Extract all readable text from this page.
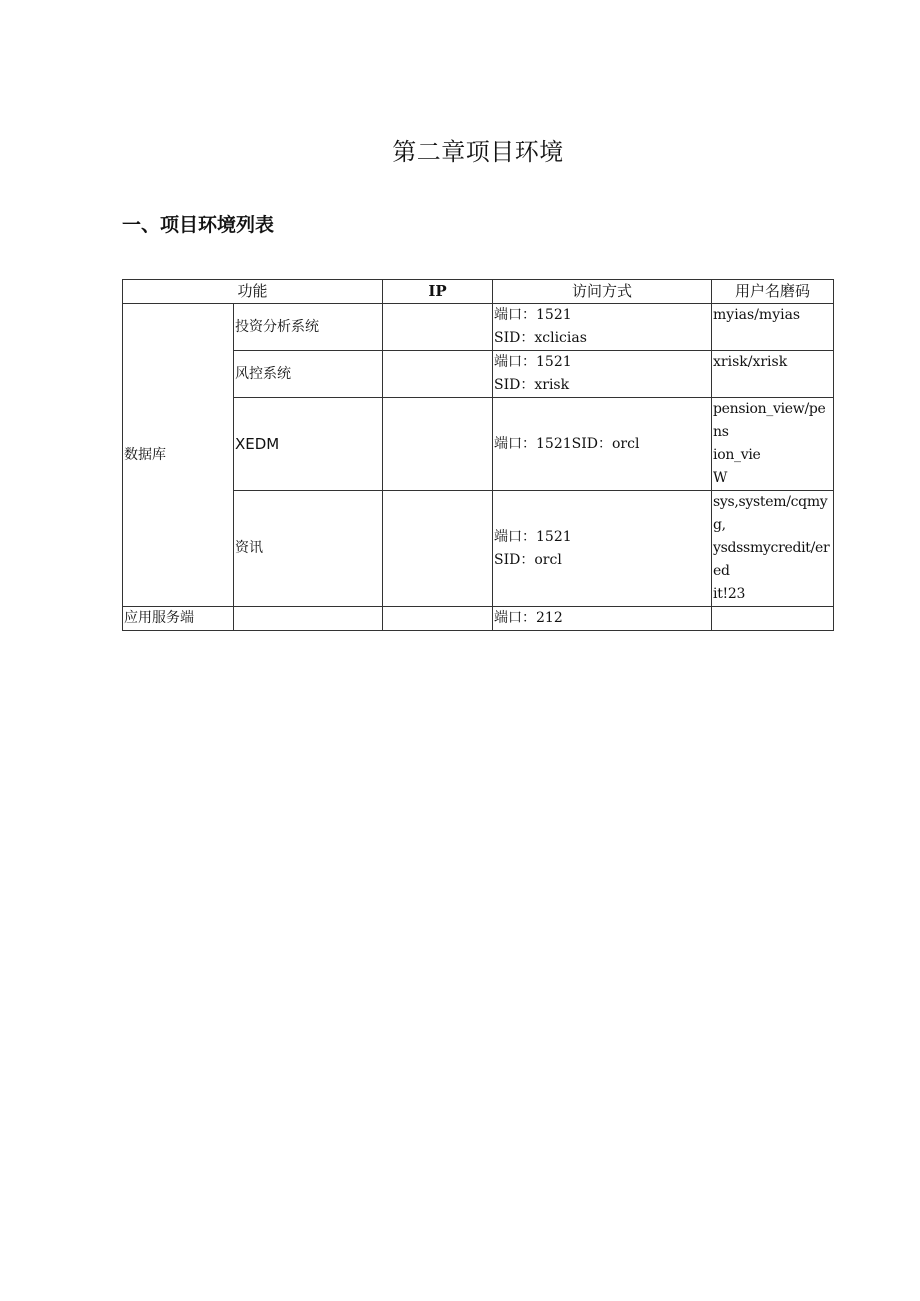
第二章项目环境
一、项目环境列表
功能		IP	访问方式	用户名磨码
数据库	投资分析系统		端口：1521
SID：xclicias	myias/myias

	风控系统		端口：1521
SID：xrisk	xrisk/xrisk

	XEDM		端口：1521SID：orcl	pension_view/pens
ion_vie
W

	资讯		端口：1521
SID：orcl	sys,system/cqmyg,
ysdssmycredit/ered
it!23

应用服务端			端口：212	
